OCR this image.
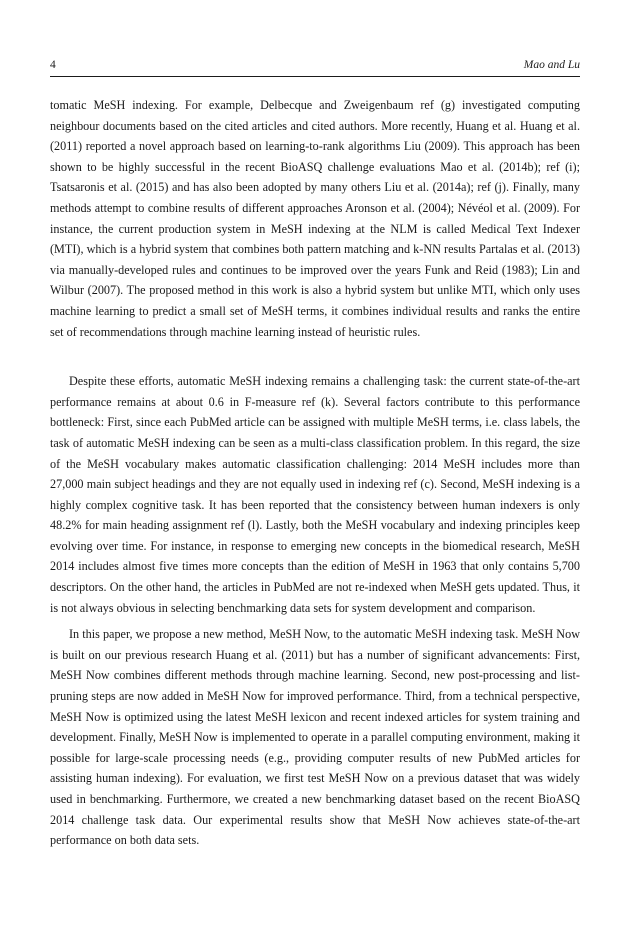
4	Mao and Lu

tomatic MeSH indexing. For example, Delbecque and Zweigenbaum ref (g) investigated computing neighbour documents based on the cited articles and cited authors. More recently, Huang et al. Huang et al. (2011) reported a novel approach based on learning-to-rank algorithms Liu (2009). This approach has been shown to be highly successful in the recent BioASQ challenge evaluations Mao et al. (2014b); ref (i); Tsatsaronis et al. (2015) and has also been adopted by many others Liu et al. (2014a); ref (j). Finally, many methods attempt to combine results of different approaches Aronson et al. (2004); Névéol et al. (2009). For instance, the current production system in MeSH indexing at the NLM is called Medical Text Indexer (MTI), which is a hybrid system that combines both pattern matching and k-NN results Partalas et al. (2013) via manually-developed rules and continues to be improved over the years Funk and Reid (1983); Lin and Wilbur (2007). The proposed method in this work is also a hybrid system but unlike MTI, which only uses machine learning to predict a small set of MeSH terms, it combines individual results and ranks the entire set of recommendations through machine learning instead of heuristic rules.

Despite these efforts, automatic MeSH indexing remains a challenging task: the current state-of-the-art performance remains at about 0.6 in F-measure ref (k). Several factors contribute to this performance bottleneck: First, since each PubMed article can be assigned with multiple MeSH terms, i.e. class labels, the task of automatic MeSH indexing can be seen as a multi-class classification problem. In this regard, the size of the MeSH vocabulary makes automatic classification challenging: 2014 MeSH includes more than 27,000 main subject headings and they are not equally used in indexing ref (c). Second, MeSH indexing is a highly complex cognitive task. It has been reported that the consistency between human indexers is only 48.2% for main heading assignment ref (l). Lastly, both the MeSH vocabulary and indexing principles keep evolving over time. For instance, in response to emerging new concepts in the biomedical research, MeSH 2014 includes almost five times more concepts than the edition of MeSH in 1963 that only contains 5,700 descriptors. On the other hand, the articles in PubMed are not re-indexed when MeSH gets updated. Thus, it is not always obvious in selecting benchmarking data sets for system development and comparison.

In this paper, we propose a new method, MeSH Now, to the automatic MeSH indexing task. MeSH Now is built on our previous research Huang et al. (2011) but has a number of significant advancements: First, MeSH Now combines different methods through machine learning. Second, new post-processing and list-pruning steps are now added in MeSH Now for improved performance. Third, from a technical perspective, MeSH Now is optimized using the latest MeSH lexicon and recent indexed articles for system training and development. Finally, MeSH Now is implemented to operate in a parallel computing environment, making it possible for large-scale processing needs (e.g., providing computer results of new PubMed articles for assisting human indexing). For evaluation, we first test MeSH Now on a previous dataset that was widely used in benchmarking. Furthermore, we created a new benchmarking dataset based on the recent BioASQ 2014 challenge task data. Our experimental results show that MeSH Now achieves state-of-the-art performance on both data sets.
